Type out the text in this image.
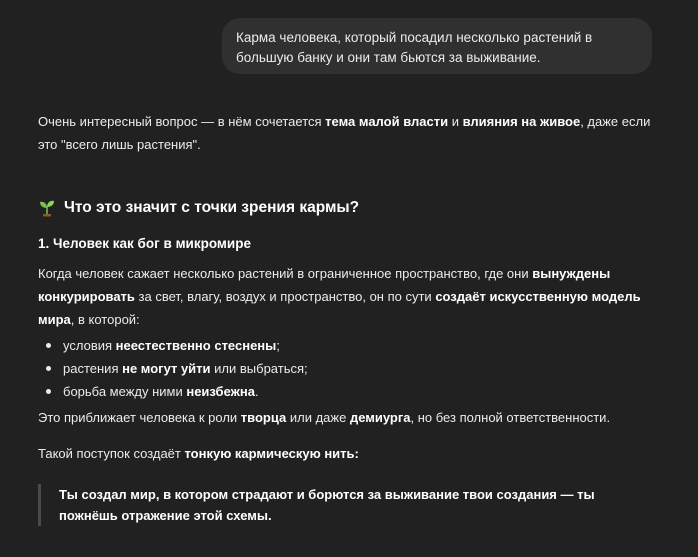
Карма человека, который посадил несколько растений в большую банку и они там бьются за выживание.
Очень интересный вопрос — в нём сочетается тема малой власти и влияния на живое, даже если это "всего лишь растения".
Что это значит с точки зрения кармы?
1. Человек как бог в микромире
Когда человек сажает несколько растений в ограниченное пространство, где они вынуждены конкурировать за свет, влагу, воздух и пространство, он по сути создаёт искусственную модель мира, в которой:
условия неестественно стеснены;
растения не могут уйти или выбраться;
борьба между ними неизбежна.
Это приближает человека к роли творца или даже демиурга, но без полной ответственности.
Такой поступок создаёт тонкую кармическую нить:
Ты создал мир, в котором страдают и борются за выживание твои создания — ты пожнёшь отражение этой схемы.
